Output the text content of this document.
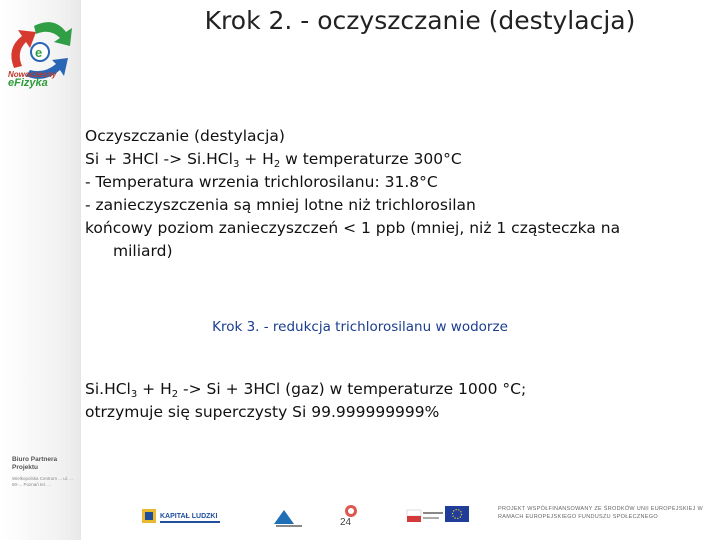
e
Nowoczesny
eFizyka
Biuro Partnera Projektu
Wielkopolska Centrum ... ul. ... 60-... Poznań tel. ...
Krok 2. - oczyszczanie (destylacja)

Oczyszczanie (destylacja)

$Si + 3HCl -> Si.HCl_3 + H_2$ w temperaturze 300°C

- Temperatura wrzenia trichlorosilanu: 31.8°C

- zanieczyszczenia są mniej lotne niż trichlorosilan

końcowy poziom zanieczyszczeń < 1 ppb (mniej, niż 1 cząsteczka na miliard)

Krok 3. - redukcja trichlorosilanu w wodorze

$Si.HCl_3 + H_2 -> Si + 3HCl$ (gaz) w temperaturze 1000 °C;

otrzymuje się superczysty Si 99.999999999%

KAPITAŁ LUDZKI
24
PROJEKT WSPÓŁFINANSOWANY ZE ŚRODKÓW UNII EUROPEJSKIEJ W RAMACH EUROPEJSKIEGO FUNDUSZU SPOŁECZNEGO
